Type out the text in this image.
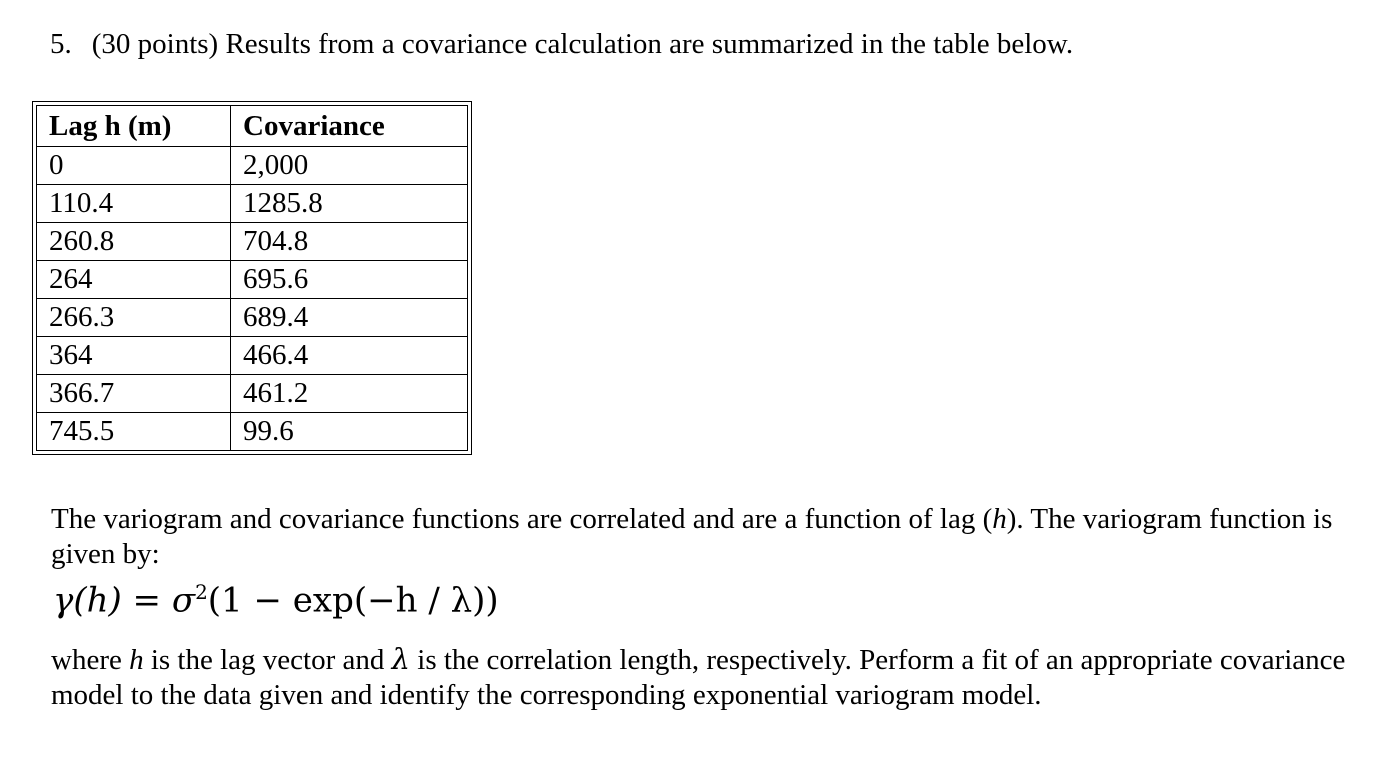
5. (30 points) Results from a covariance calculation are summarized in the table below.
Lag h (m)	Covariance
0	2,000
110.4	1285.8
260.8	704.8
264	695.6
266.3	689.4
364	466.4
366.7	461.2
745.5	99.6
The variogram and covariance functions are correlated and are a function of lag (h). The variogram function is given by:
$\gamma(h) = \sigma^2(1 - \exp(-h / \lambda))$
where h is the lag vector and λ is the correlation length, respectively. Perform a fit of an appropriate covariance model to the data given and identify the corresponding exponential variogram model.
